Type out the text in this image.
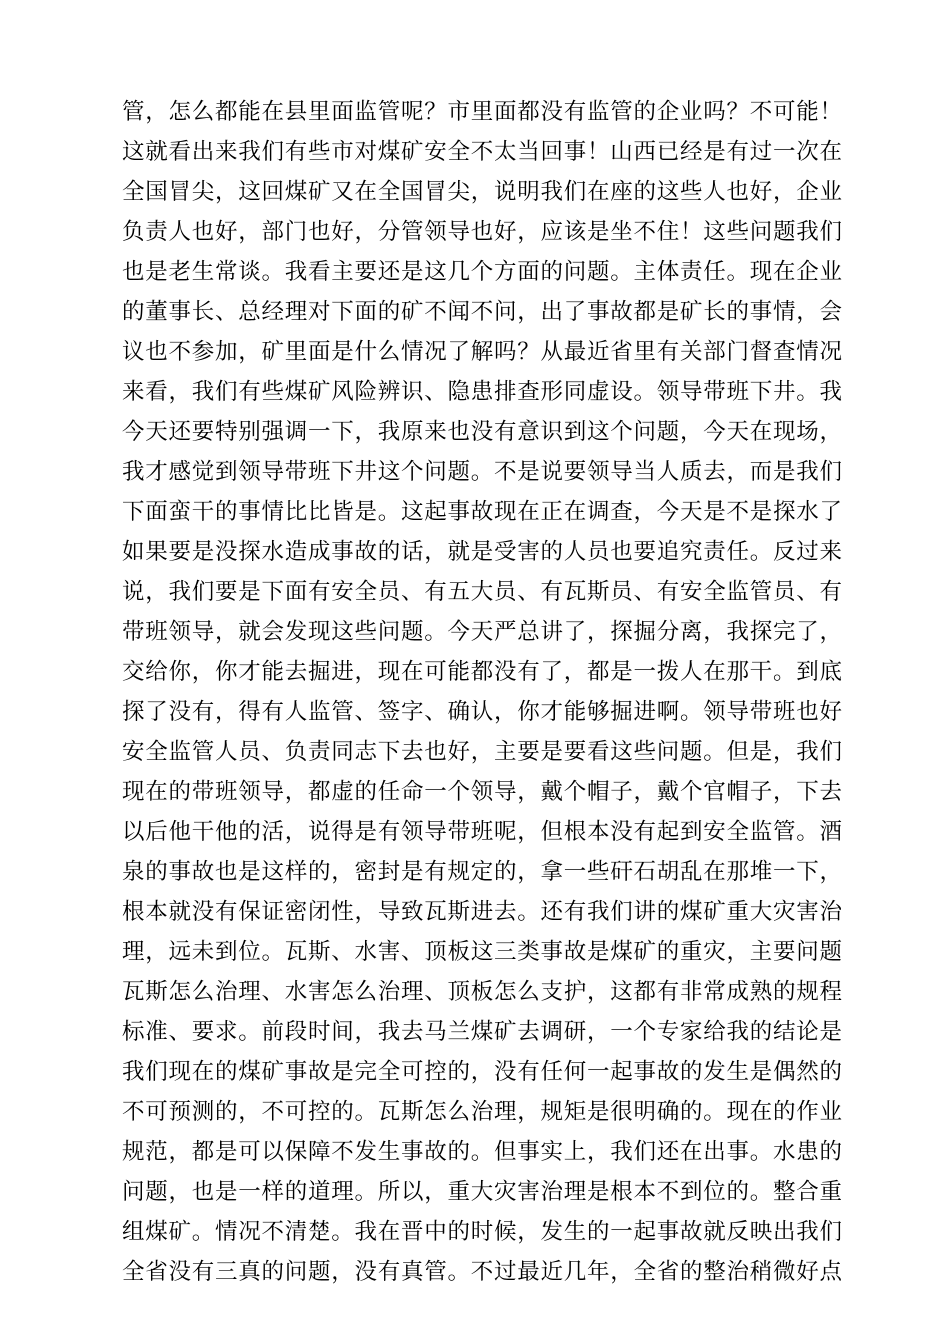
管，怎么都能在县里面监管呢？市里面都没有监管的企业吗？不可能！
这就看出来我们有些市对煤矿安全不太当回事！山西已经是有过一次在
全国冒尖，这回煤矿又在全国冒尖，说明我们在座的这些人也好，企业
负责人也好，部门也好，分管领导也好，应该是坐不住！这些问题我们
也是老生常谈。我看主要还是这几个方面的问题。主体责任。现在企业
的董事长、总经理对下面的矿不闻不问，出了事故都是矿长的事情，会
议也不参加，矿里面是什么情况了解吗？从最近省里有关部门督查情况
来看，我们有些煤矿风险辨识、隐患排查形同虚设。领导带班下井。我
今天还要特别强调一下，我原来也没有意识到这个问题，今天在现场，
我才感觉到领导带班下井这个问题。不是说要领导当人质去，而是我们
下面蛮干的事情比比皆是。这起事故现在正在调查，今天是不是探水了
如果要是没探水造成事故的话，就是受害的人员也要追究责任。反过来
说，我们要是下面有安全员、有五大员、有瓦斯员、有安全监管员、有
带班领导，就会发现这些问题。今天严总讲了，探掘分离，我探完了，
交给你，你才能去掘进，现在可能都没有了，都是一拨人在那干。到底
探了没有，得有人监管、签字、确认，你才能够掘进啊。领导带班也好
安全监管人员、负责同志下去也好，主要是要看这些问题。但是，我们
现在的带班领导，都虚的任命一个领导，戴个帽子，戴个官帽子，下去
以后他干他的活，说得是有领导带班呢，但根本没有起到安全监管。酒
泉的事故也是这样的，密封是有规定的，拿一些矸石胡乱在那堆一下，
根本就没有保证密闭性，导致瓦斯进去。还有我们讲的煤矿重大灾害治
理，远未到位。瓦斯、水害、顶板这三类事故是煤矿的重灾，主要问题
瓦斯怎么治理、水害怎么治理、顶板怎么支护，这都有非常成熟的规程
标准、要求。前段时间，我去马兰煤矿去调研，一个专家给我的结论是
我们现在的煤矿事故是完全可控的，没有任何一起事故的发生是偶然的
不可预测的，不可控的。瓦斯怎么治理，规矩是很明确的。现在的作业
规范，都是可以保障不发生事故的。但事实上，我们还在出事。水患的
问题，也是一样的道理。所以，重大灾害治理是根本不到位的。整合重
组煤矿。情况不清楚。我在晋中的时候，发生的一起事故就反映出我们
全省没有三真的问题，没有真管。不过最近几年，全省的整治稍微好点
